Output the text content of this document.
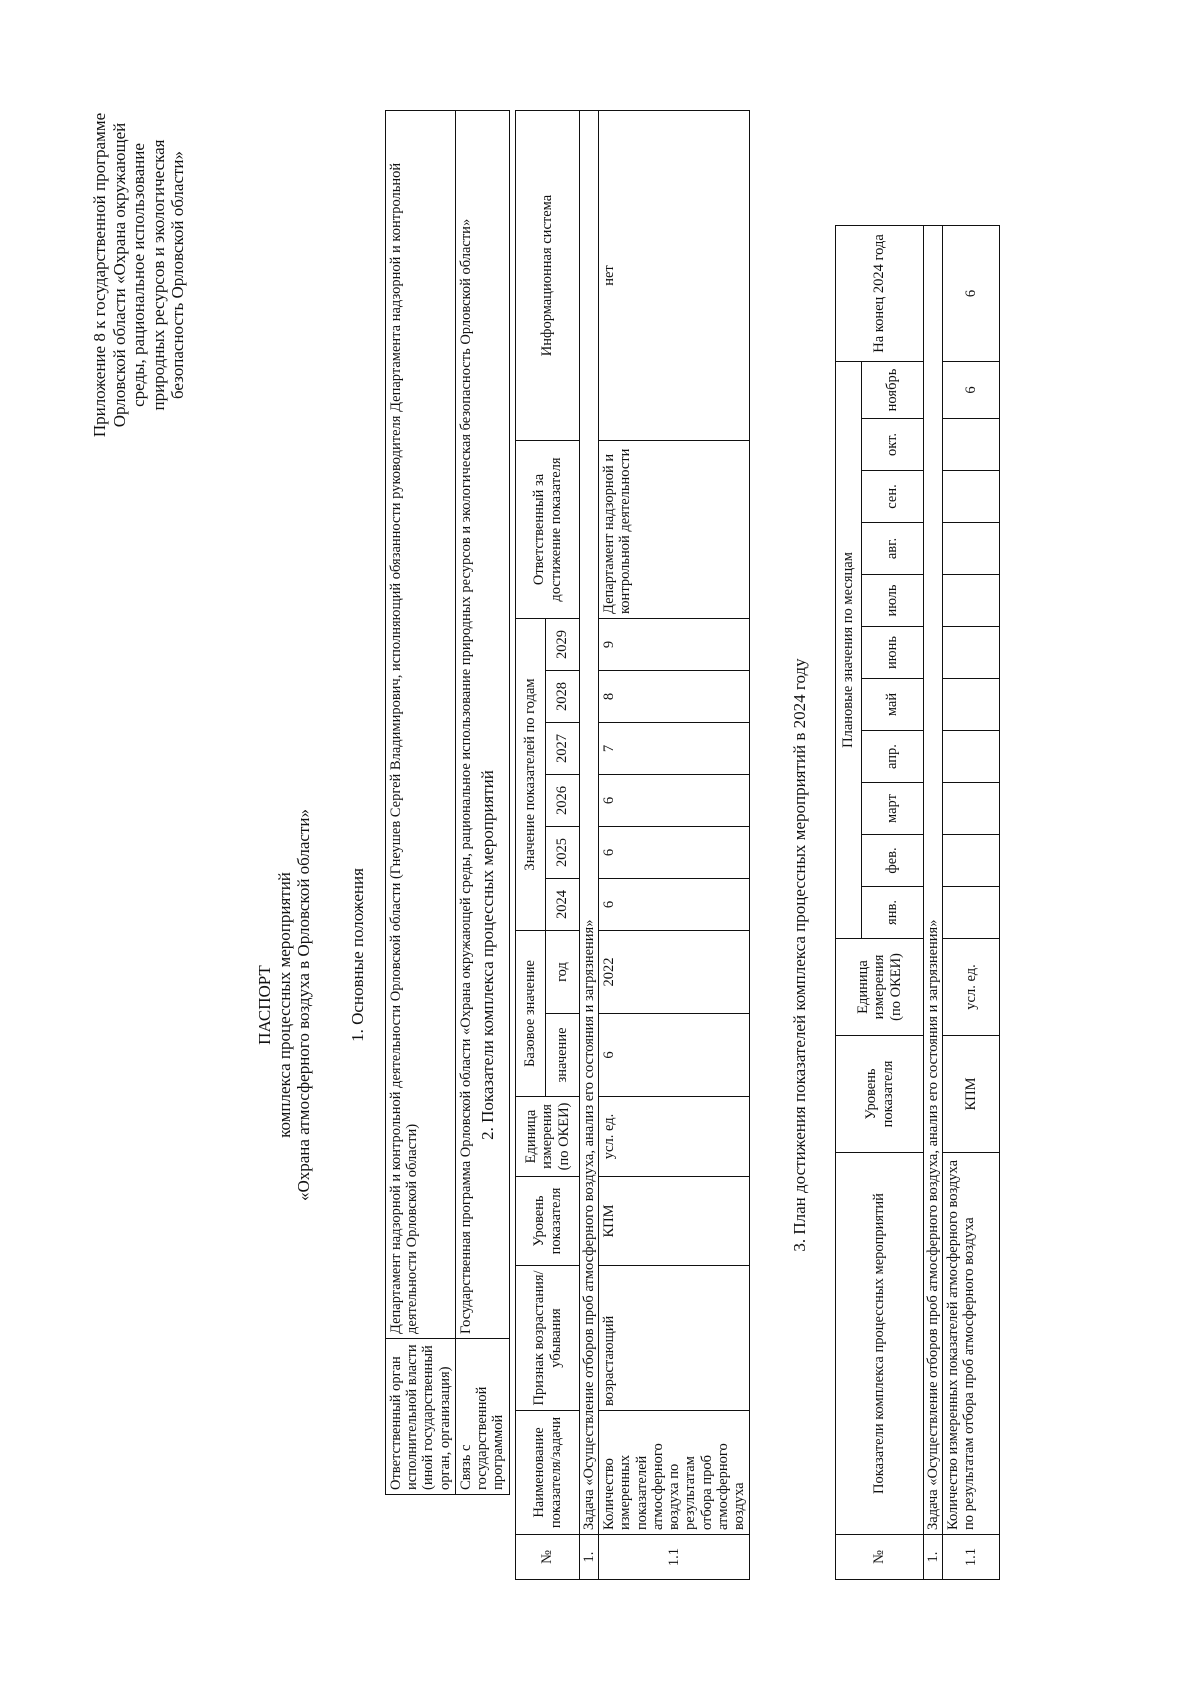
Приложение 8 к государственной программе Орловской области «Охрана окружающей среды, рациональное использование природных ресурсов и экологическая безопасность Орловской области»
ПАСПОРТ комплекса процессных мероприятий «Охрана атмосферного воздуха в Орловской области» 1. Основные положения
Ответственный орган исполнительной власти (иной государственный орган, организация)	Департамент надзорной и контрольной деятельности Орловской области (Гнеушев Сергей Владимирович, исполняющий обязанности руководителя Департамента надзорной и контрольной деятельности Орловской области)
Связь с государственной программой	Государственная программа Орловской области «Охрана окружающей среды, рациональное использование природных ресурсов и экологическая безопасность Орловской области» 2. Показатели комплекса процессных мероприятий
№	Наименование показателя/задачи	Признак возрастания/убывания	Уровень показателя	Единица измерения (по ОКЕИ)	Базовое значение		Значение показателей по годам						Ответственный за достижение показателя	Информационная система
					значение	год	2024	2025	2026	2027	2028	2029		
1.	Задача «Осуществление отборов проб атмосферного воздуха, анализ его состояния и загрязнения»													
1.1	Количество измеренных показателей атмосферного воздуха по результатам отбора проб атмосферного воздуха	возрастающий	КПМ	усл. ед.	6	2022	6	6	6	7	8	9	Департамент надзорной и контрольной деятельности	нет
3. План достижения показателей комплекса процессных мероприятий в 2024 году
№	Показатели комплекса процессных мероприятий	Уровень показателя	Единица измерения (по ОКЕИ)	Плановые значения по месяцам											На конец 2024 года
				янв.	фев.	март	апр.	май	июнь	июль	авг.	сен.	окт.	ноябрь	
1.	Задача «Осуществление отборов проб атмосферного воздуха, анализ его состояния и загрязнения»														
1.1	Количество измеренных показателей атмосферного воздуха по результатам отбора проб атмосферного воздуха	КПМ	усл. ед.											6	6
